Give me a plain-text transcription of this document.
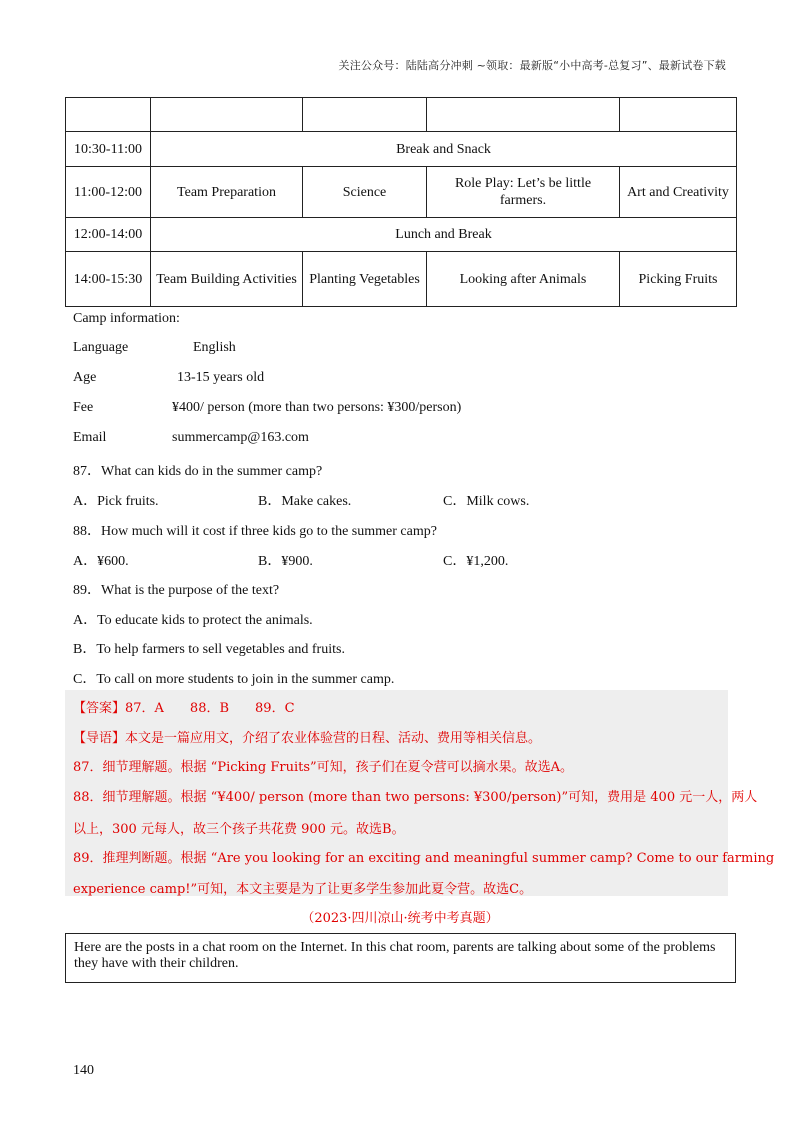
关注公众号：陆陆高分冲刺 ~领取：最新版“小中高考-总复习”、最新试卷下载

10:30-11:00	Break and Snack			
11:00-12:00	Team Preparation	Science	Role Play: Let’s be little farmers.	Art and Creativity
12:00-14:00	Lunch and Break			
14:00-15:30	Team Building Activities	Planting Vegetables	Looking after Animals	Picking Fruits
Camp information:
Language	English
Age	13-15 years old
Fee	¥400/ person (more than two persons: ¥300/person)
Email	summercamp@163.com
87．What can kids do in the summer camp?
A．Pick fruits.	B．Make cakes.	C．Milk cows.
88．How much will it cost if three kids go to the summer camp?
A．¥600.	B．¥900.	C．¥1,200.
89．What is the purpose of the text?
A．To educate kids to protect the animals.
B．To help farmers to sell vegetables and fruits.
C．To call on more students to join in the summer camp.
【答案】87．A　　88．B　　89．C
【导语】本文是一篇应用文，介绍了农业体验营的日程、活动、费用等相关信息。
87．细节理解题。根据 “Picking Fruits”可知，孩子们在夏令营可以摘水果。故选A。
88．细节理解题。根据 “¥400/ person (more than two persons: ¥300/person)”可知，费用是 400 元一人，两人
以上，300 元每人，故三个孩子共花费 900 元。故选B。
89．推理判断题。根据 “Are you looking for an exciting and meaningful summer camp? Come to our farming
experience camp!”可知，本文主要是为了让更多学生参加此夏令营。故选C。
（2023·四川凉山·统考中考真题）
Here are the posts in a chat room on the Internet. In this chat room, parents are talking about some of the problems they have with their children.
140
